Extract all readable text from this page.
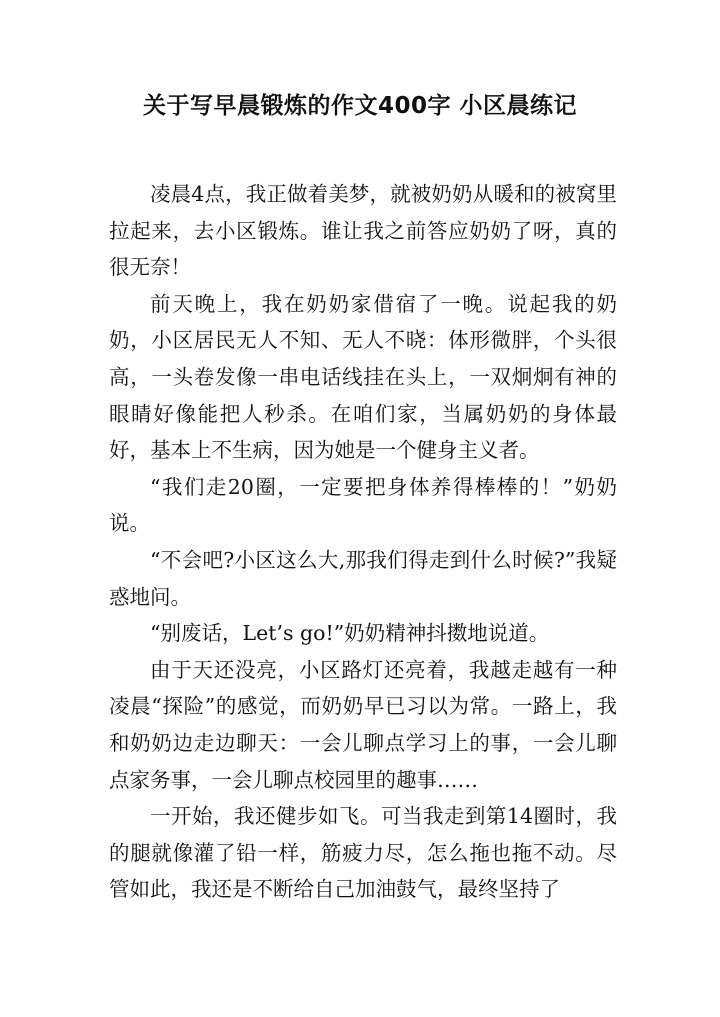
关于写早晨锻炼的作文400字 小区晨练记

凌晨4点，我正做着美梦，就被奶奶从暖和的被窝里拉起来，去小区锻炼。谁让我之前答应奶奶了呀，真的很无奈！

前天晚上，我在奶奶家借宿了一晚。说起我的奶奶，小区居民无人不知、无人不晓：体形微胖，个头很高，一头卷发像一串电话线挂在头上，一双炯炯有神的眼睛好像能把人秒杀。在咱们家，当属奶奶的身体最好，基本上不生病，因为她是一个健身主义者。

“我们走20圈，一定要把身体养得棒棒的！”奶奶说。

“不会吧?小区这么大,那我们得走到什么时候?”我疑惑地问。

“别废话，Let’s go!”奶奶精神抖擞地说道。

由于天还没亮，小区路灯还亮着，我越走越有一种凌晨“探险”的感觉，而奶奶早已习以为常。一路上，我和奶奶边走边聊天：一会儿聊点学习上的事，一会儿聊点家务事，一会儿聊点校园里的趣事……

一开始，我还健步如飞。可当我走到第14圈时，我的腿就像灌了铅一样，筋疲力尽，怎么拖也拖不动。尽管如此，我还是不断给自己加油鼓气，最终坚持了
